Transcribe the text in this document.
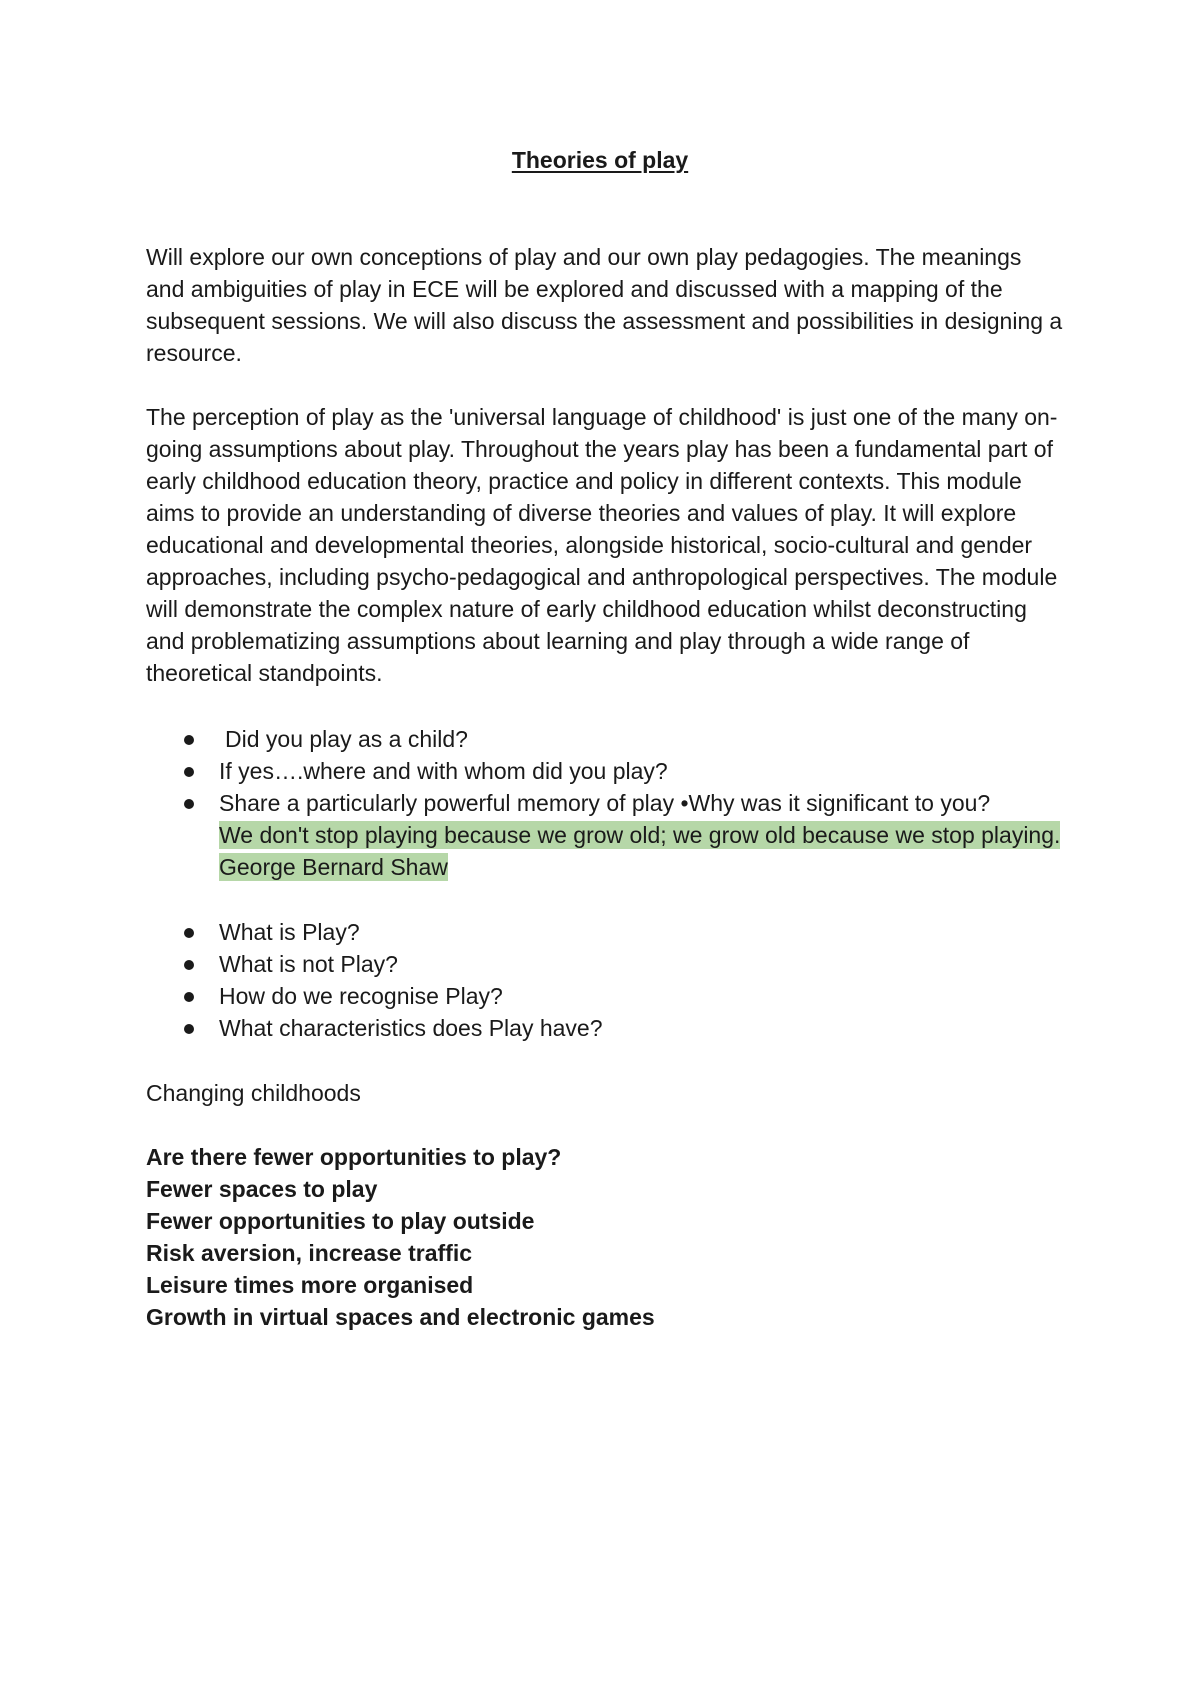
Theories of play
Will explore our own conceptions of play and our own play pedagogies. The meanings and ambiguities of play in ECE will be explored and discussed with a mapping of the subsequent sessions. We will also discuss the assessment and possibilities in designing a resource.
The perception of play as the 'universal language of childhood' is just one of the many on-going assumptions about play. Throughout the years play has been a fundamental part of early childhood education theory, practice and policy in different contexts. This module aims to provide an understanding of diverse theories and values of play. It will explore educational and developmental theories, alongside historical, socio-cultural and gender approaches, including psycho-pedagogical and anthropological perspectives. The module will demonstrate the complex nature of early childhood education whilst deconstructing and problematizing assumptions about learning and play through a wide range of theoretical standpoints.
Did you play as a child?
If yes….where and with whom did you play?
Share a particularly powerful memory of play •Why was it significant to you?
We don't stop playing because we grow old; we grow old because we stop playing. George Bernard Shaw
What is Play?
What is not Play?
How do we recognise Play?
What characteristics does Play have?
Changing childhoods
Are there fewer opportunities to play?
Fewer spaces to play
Fewer opportunities to play outside
Risk aversion, increase traffic
Leisure times more organised
Growth in virtual spaces and electronic games
